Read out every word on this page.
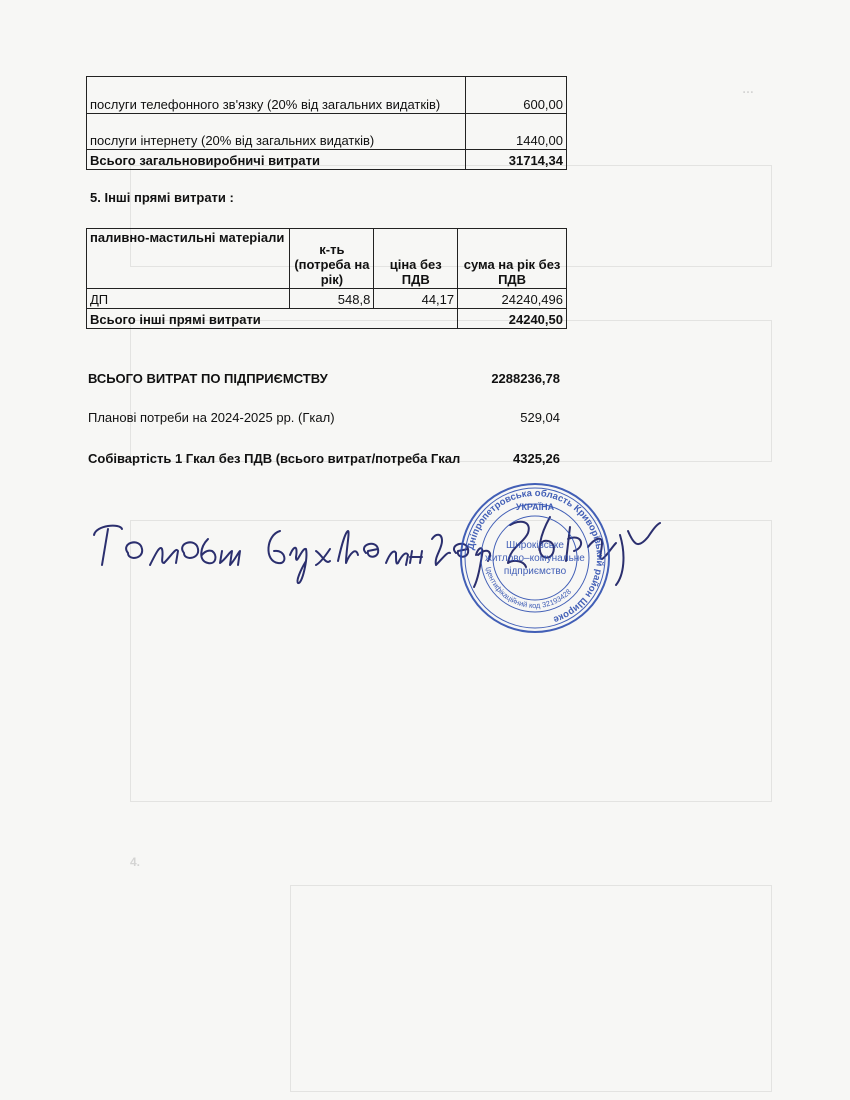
…
4.
послуги телефонного зв'язку (20% від загальних видатків)	600,00
послуги інтернету (20% від загальних видатків)	1440,00
Всього загальновиробничі витрати	31714,34
5. Інші прямі витрати :
паливно-мастильні матеріали	к-ть (потреба на рік)	ціна без ПДВ	сума на рік без ПДВ
ДП	548,8	44,17	24240,496
Всього інші прямі витрати			24240,50
ВСЬОГО ВИТРАТ ПО ПІДПРИЄМСТВУ	2288236,78
Планові потреби на 2024-2025 рр. (Гкал)	529,04
Собівартість 1 Гкал без ПДВ (всього витрат/потреба Гкал	4325,26
Дніпропетровська область Криворізький район Широке
Ідентифікаційний код 32193428
УКРАЇНА
Широківське
житлово–комунальне
підприємство
